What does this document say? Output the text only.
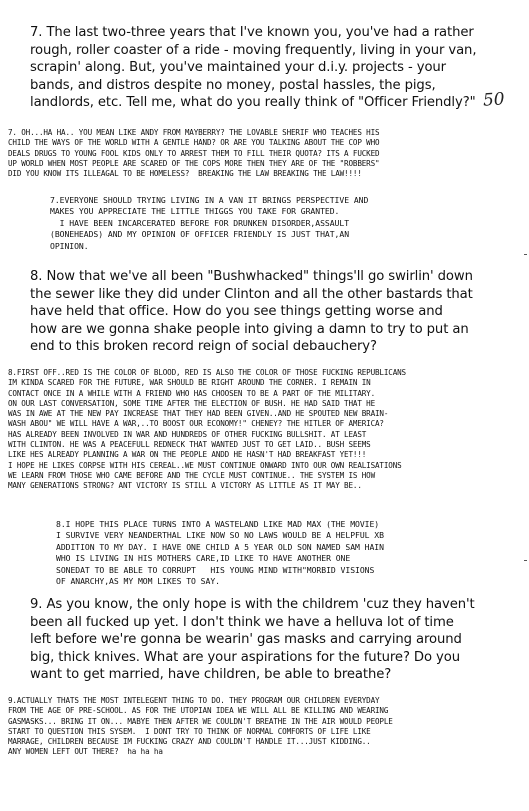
7. The last two-three years that I've known you, you've had a rather
rough, roller coaster of a ride - moving frequently, living in your van,
scrapin' along. But, you've maintained your d.i.y. projects - your
bands, and distros despite no money, postal hassles, the pigs,
landlords, etc. Tell me, what do you really think of "Officer Friendly?" 50
7. OH...HA HA.. YOU MEAN LIKE ANDY FROM MAYBERRY? THE LOVABLE SHERIF WHO TEACHES HIS
CHILD THE WAYS OF THE WORLD WITH A GENTLE HAND? OR ARE YOU TALKING ABOUT THE COP WHO
DEALS DRUGS TO YOUNG FOOL KIDS ONLY TO ARREST THEM TO FILL THEIR QUOTA? ITS A FUCKED
UP WORLD WHEN MOST PEOPLE ARE SCARED OF THE COPS MORE THEN THEY ARE OF THE "ROBBERS"
DID YOU KNOW ITS ILLEAGAL TO BE HOMELESS?  BREAKING THE LAW BREAKING THE LAW!!!!
7.EVERYONE SHOULD TRYING LIVING IN A VAN IT BRINGS PERSPECTIVE AND
MAKES YOU APPRECIATE THE LITTLE THIGGS YOU TAKE FOR GRANTED.
I HAVE BEEN INCARCERATED BEFORE FOR DRUNKEN DISORDER,ASSAULT
(BONEHEADS) AND MY OPINION OF OFFICER FRIENDLY IS JUST THAT,AN
OPINION.
8. Now that we've all been "Bushwhacked" things'll go swirlin' down
the sewer like they did under Clinton and all the other bastards that
have held that office. How do you see things getting worse and
how are we gonna shake people into giving a damn to try to put an
end to this broken record reign of social debauchery?
8.FIRST OFF..RED IS THE COLOR OF BLOOD, RED IS ALSO THE COLOR OF THOSE FUCKING REPUBLICANS
IM KINDA SCARED FOR THE FUTURE, WAR SHOULD BE RIGHT AROUND THE CORNER. I REMAIN IN
CONTACT ONCE IN A WHILE WITH A FRIEND WHO HAS CHOOSEN TO BE A PART OF THE MILITARY.
ON OUR LAST CONVERSATION, SOME TIME AFTER THE ELECTION OF BUSH. HE HAD SAID THAT HE
WAS IN AWE AT THE NEW PAY INCREASE THAT THEY HAD BEEN GIVEN..AND HE SPOUTED NEW BRAIN-
WASH ABOU" WE WILL HAVE A WAR,..TO BOOST OUR ECONOMY!" CHENEY? THE HITLER OF AMERICA?
HAS ALREADY BEEN INVOLVED IN WAR AND HUNDREDS OF OTHER FUCKING BULLSHIT. AT LEAST
WITH CLINTON. HE WAS A PEACEFULL REDNECK THAT WANTED JUST TO GET LAID.. BUSH SEEMS
LIKE HES ALREADY PLANNING A WAR ON THE PEOPLE ANDD HE HASN'T HAD BREAKFAST YET!!!
I HOPE HE LIKES CORPSE WITH HIS CEREAL..WE MUST CONTINUE ONWARD INTO OUR OWN REALISATIONS
WE LEARN FROM THOSE WHO CAME BEFORE AND THE CYCLE MUST CONTINUE.. THE SYSTEM IS HOW
MANY GENERATIONS STRONG? ANT VICTORY IS STILL A VICTORY AS LITTLE AS IT MAY BE..
8.I HOPE THIS PLACE TURNS INTO A WASTELAND LIKE MAD MAX (THE MOVIE)
I SURVIVE VERY NEANDERTHAL LIKE NOW SO NO LAWS WOULD BE A HELPFUL XB
ADDITION TO MY DAY. I HAVE ONE CHILD A 5 YEAR OLD SON NAMED SAM HAIN
WHO IS LIVING IN HIS MOTHERS CARE,ID LIKE TO HAVE ANOTHER ONE
SONEDAT TO BE ABLE TO CORRUPT   HIS YOUNG MIND WITH"MORBID VISIONS
OF ANARCHY,AS MY MOM LIKES TO SAY.
9. As you know, the only hope is with the childrem 'cuz they haven't
been all fucked up yet. I don't think we have a helluva lot of time
left before we're gonna be wearin' gas masks and carrying around
big, thick knives. What are your aspirations for the future? Do you
want to get married, have children, be able to breathe?
9.ACTUALLY THATS THE MOST INTELEGENT THING TO DO. THEY PROGRAM OUR CHILDREN EVERYDAY
FROM THE AGE OF PRE-SCHOOL. AS FOR THE UTOPIAN IDEA WE WILL ALL BE KILLING AND WEARING
GASMASKS... BRING IT ON... MABYE THEN AFTER WE COULDN'T BREATHE IN THE AIR WOULD PEOPLE
START TO QUESTION THIS SYSEM.  I DONT TRY TO THINK OF NORMAL COMFORTS OF LIFE LIKE
MARRAGE, CHILDREN BECAUSE IM FUCKING CRAZY AND COULDN'T HANDLE IT...JUST KIDDING..
ANY WOMEN LEFT OUT THERE?  ha ha ha
